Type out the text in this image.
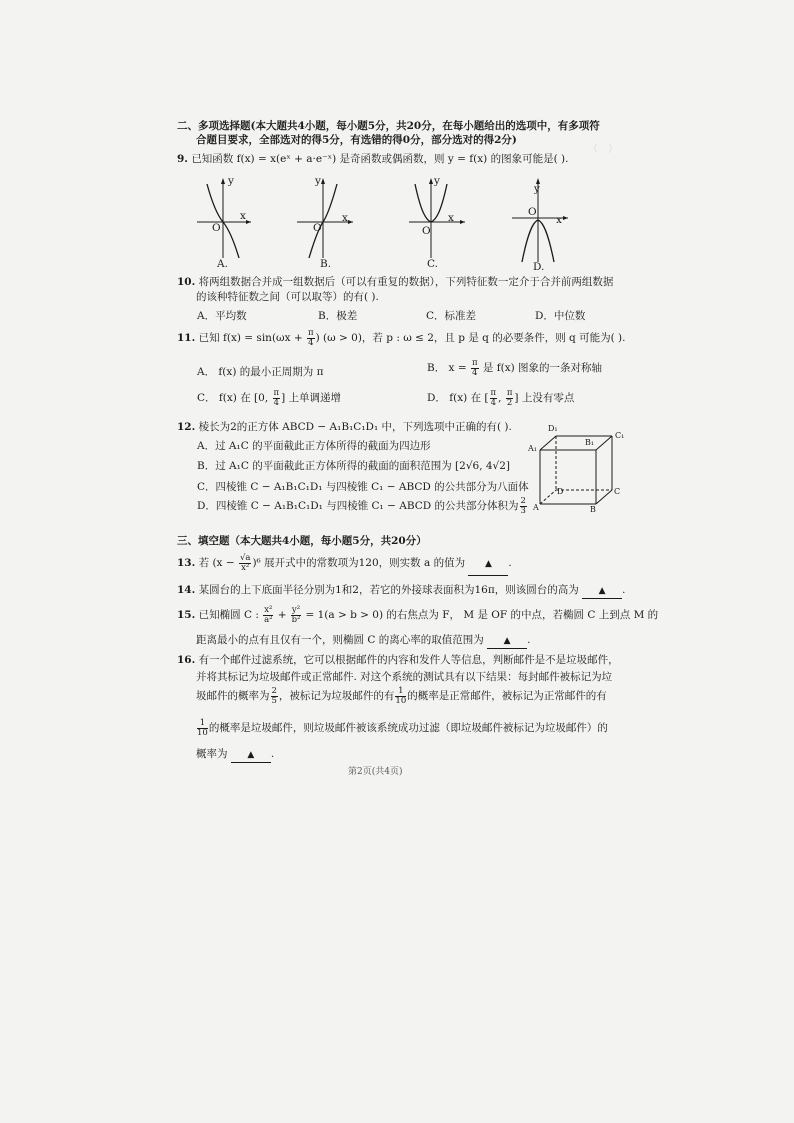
（　）　　　　

二、多项选择题(本大题共4小题，每小题5分，共20分，在每小题给出的选项中，有多项符
合题目要求，全部选对的得5分，有选错的得0分，部分选对的得2分)
9. 已知函数 f(x) = x(eˣ + a·e⁻ˣ) 是奇函数或偶函数，则 y = f(x) 的图象可能是( ).
y
x
O
A.
y
x
O
B.
y
x
O
C.
y
x
O
D.
10. 将两组数据合并成一组数据后（可以有重复的数据），下列特征数一定介于合并前两组数据
的该种特征数之间（可以取等）的有( ).
A．平均数	B．极差	C．标准差	D．中位数
11. 已知 $f(x) = \sin(\omega x + \frac{\pi}{4}$ ) (ω > 0)，若 p : ω ≤ 2，且 p 是 q 的必要条件，则 q 可能为( ).
A． f(x) 的最小正周期为 π	B． $x = \frac{\pi}{4}$ 是 f(x) 图象的一条对称轴
C． f(x) 在 [0, $\frac{\pi}{4}$ ] 上单调递增	D． f(x) 在 [ $\frac{\pi}{4}$ , $\frac{\pi}{2}$ ] 上没有零点
12. 棱长为2的正方体 ABCD − A₁B₁C₁D₁ 中，下列选项中正确的有( ).
A．过 A₁C 的平面截此正方体所得的截面为四边形
B．过 A₁C 的平面截此正方体所得的截面的面积范围为 [2√6, 4√2]
C．四棱锥 C − A₁B₁C₁D₁ 与四棱锥 C₁ − ABCD 的公共部分为八面体
D．四棱锥 C − A₁B₁C₁D₁ 与四棱锥 C₁ − ABCD 的公共部分体积为 $\frac{2}{3}$
D₁
C₁
A₁
B₁
D	C
A	B
三、填空题（本大题共4小题，每小题5分，共20分）
13. 若 $(x - \frac{√a}{\text{x²}} )^6$ 展开式中的常数项为120，则实数 a 的值为 ▲ .
14. 某圆台的上下底面半径分别为1和2，若它的外接球表面积为16π，则该圆台的高为 ▲ .
15. 已知椭圆 C : $\frac{\text{x²}}{\text{a²}} + \frac{\text{y²}}{\text{b²}} = 1(a > b > 0)$ 的右焦点为 F， M 是 OF 的中点，若椭圆 C 上到点 M 的
距离最小的点有且仅有一个，则椭圆 C 的离心率的取值范围为 ▲ .
16. 有一个邮件过滤系统，它可以根据邮件的内容和发件人等信息，判断邮件是不是垃圾邮件，
并将其标记为垃圾邮件或正常邮件. 对这个系统的测试具有以下结果：每封邮件被标记为垃
圾邮件的概率为 $\frac{2}{5}$ ，被标记为垃圾邮件的有 $\frac{1}{10}$ 的概率是正常邮件，被标记为正常邮件的有
$\frac{1}{10}$ 的概率是垃圾邮件，则垃圾邮件被该系统成功过滤（即垃圾邮件被标记为垃圾邮件）的
概率为 ▲ .
第2页(共4页)
